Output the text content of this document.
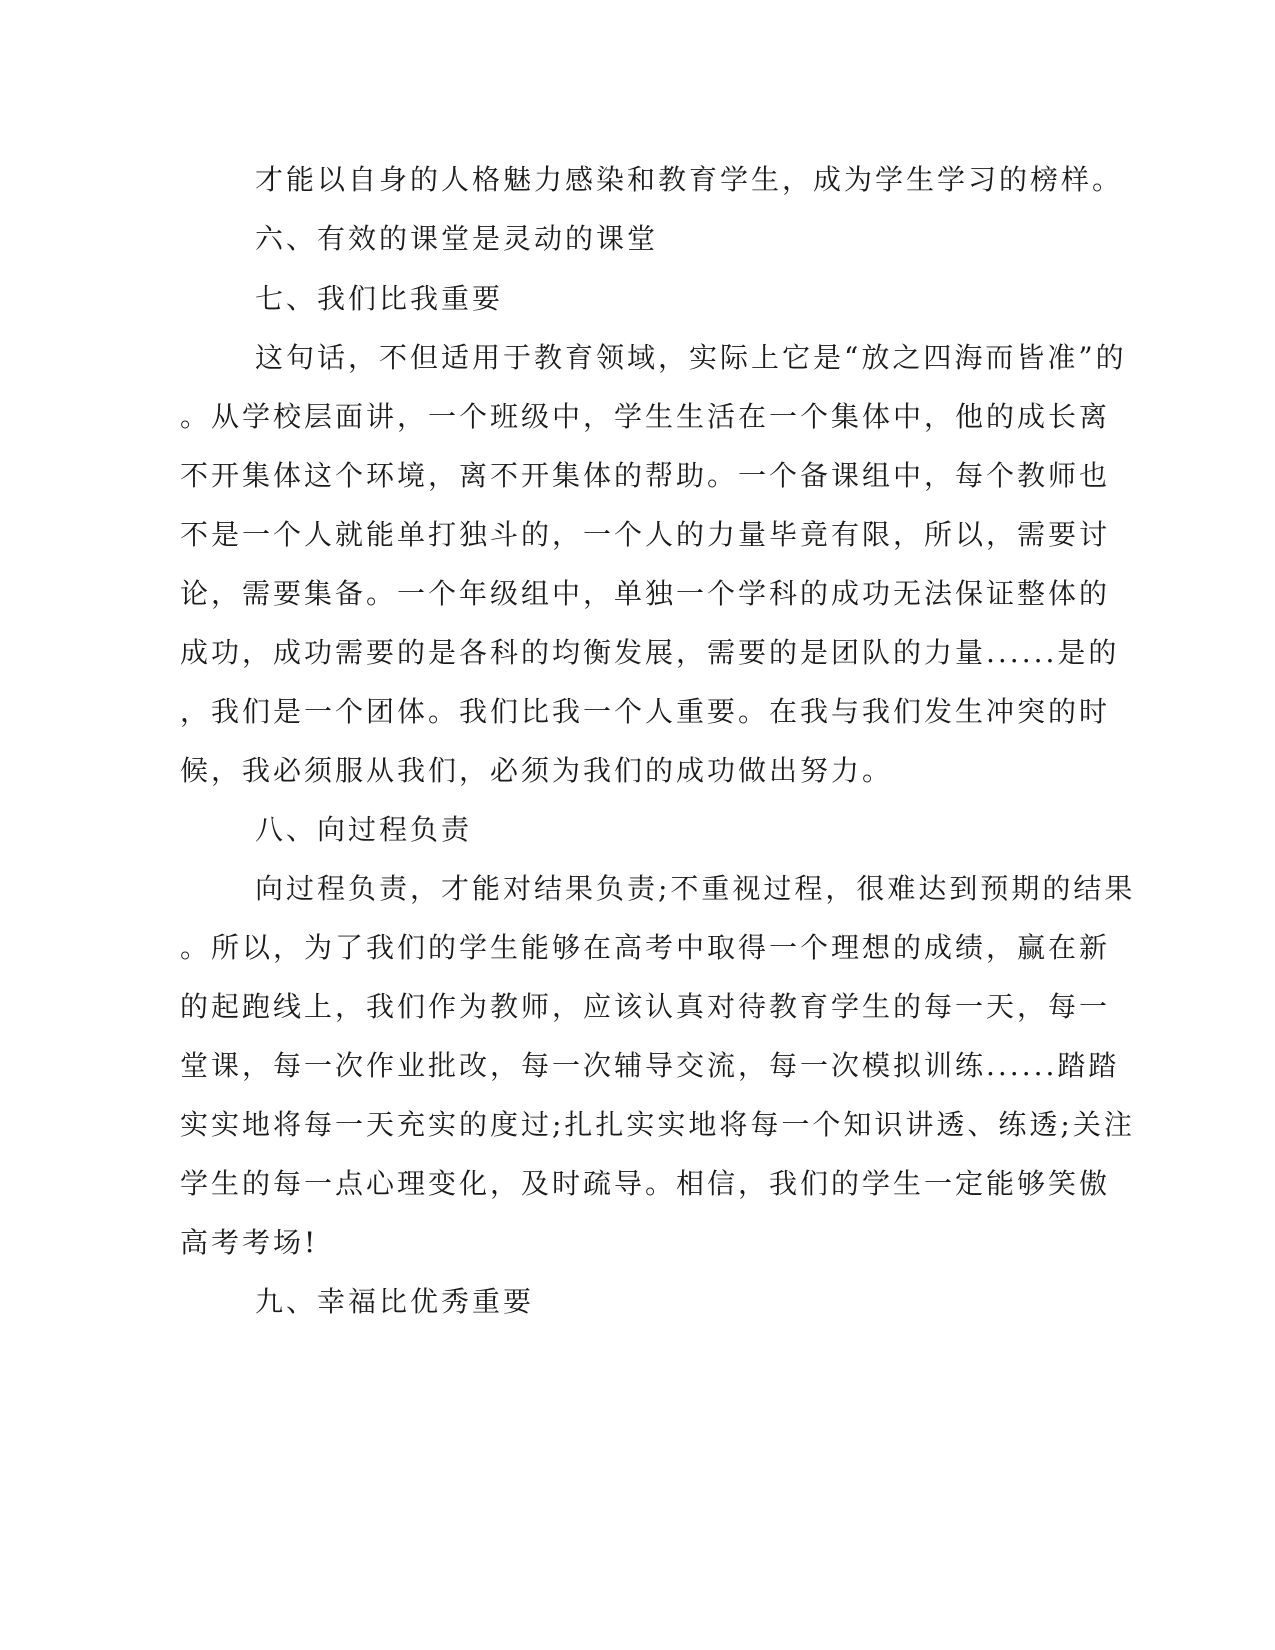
才能以自身的人格魅力感染和教育学生，成为学生学习的榜样。

六、有效的课堂是灵动的课堂

七、我们比我重要

这句话，不但适用于教育领域，实际上它是“放之四海而皆准”的

。从学校层面讲，一个班级中，学生生活在一个集体中，他的成长离

不开集体这个环境，离不开集体的帮助。一个备课组中，每个教师也

不是一个人就能单打独斗的，一个人的力量毕竟有限，所以，需要讨

论，需要集备。一个年级组中，单独一个学科的成功无法保证整体的

成功，成功需要的是各科的均衡发展，需要的是团队的力量......是的

，我们是一个团体。我们比我一个人重要。在我与我们发生冲突的时

候，我必须服从我们，必须为我们的成功做出努力。

八、向过程负责

向过程负责，才能对结果负责;不重视过程，很难达到预期的结果

。所以，为了我们的学生能够在高考中取得一个理想的成绩，赢在新

的起跑线上，我们作为教师，应该认真对待教育学生的每一天，每一

堂课，每一次作业批改，每一次辅导交流，每一次模拟训练......踏踏

实实地将每一天充实的度过;扎扎实实地将每一个知识讲透、练透;关注

学生的每一点心理变化，及时疏导。相信，我们的学生一定能够笑傲

高考考场!

九、幸福比优秀重要
